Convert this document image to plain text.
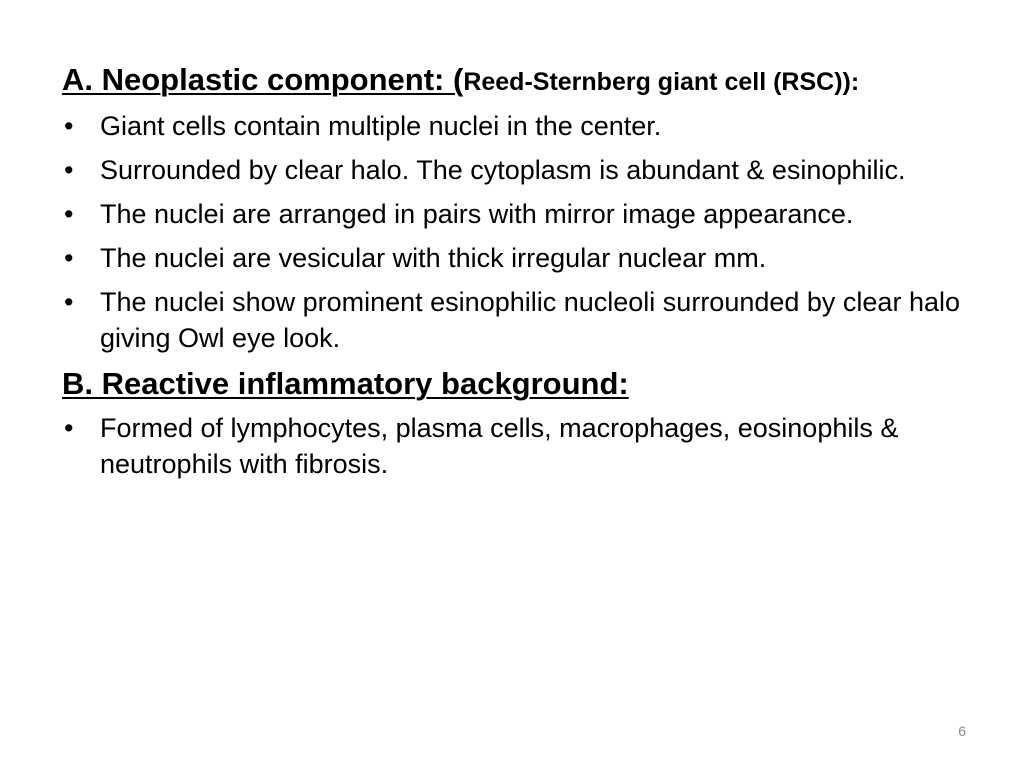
A. Neoplastic component: (Reed-Sternberg giant cell (RSC)):

• Giant cells contain multiple nuclei in the center.
• Surrounded by clear halo. The cytoplasm is abundant & esinophilic.
• The nuclei are arranged in pairs with mirror image appearance.
• The nuclei are vesicular with thick irregular nuclear mm.
• The nuclei show prominent esinophilic nucleoli surrounded by clear halo giving Owl eye look.

B. Reactive inflammatory background:

• Formed of lymphocytes, plasma cells, macrophages, eosinophils & neutrophils with fibrosis.
6
